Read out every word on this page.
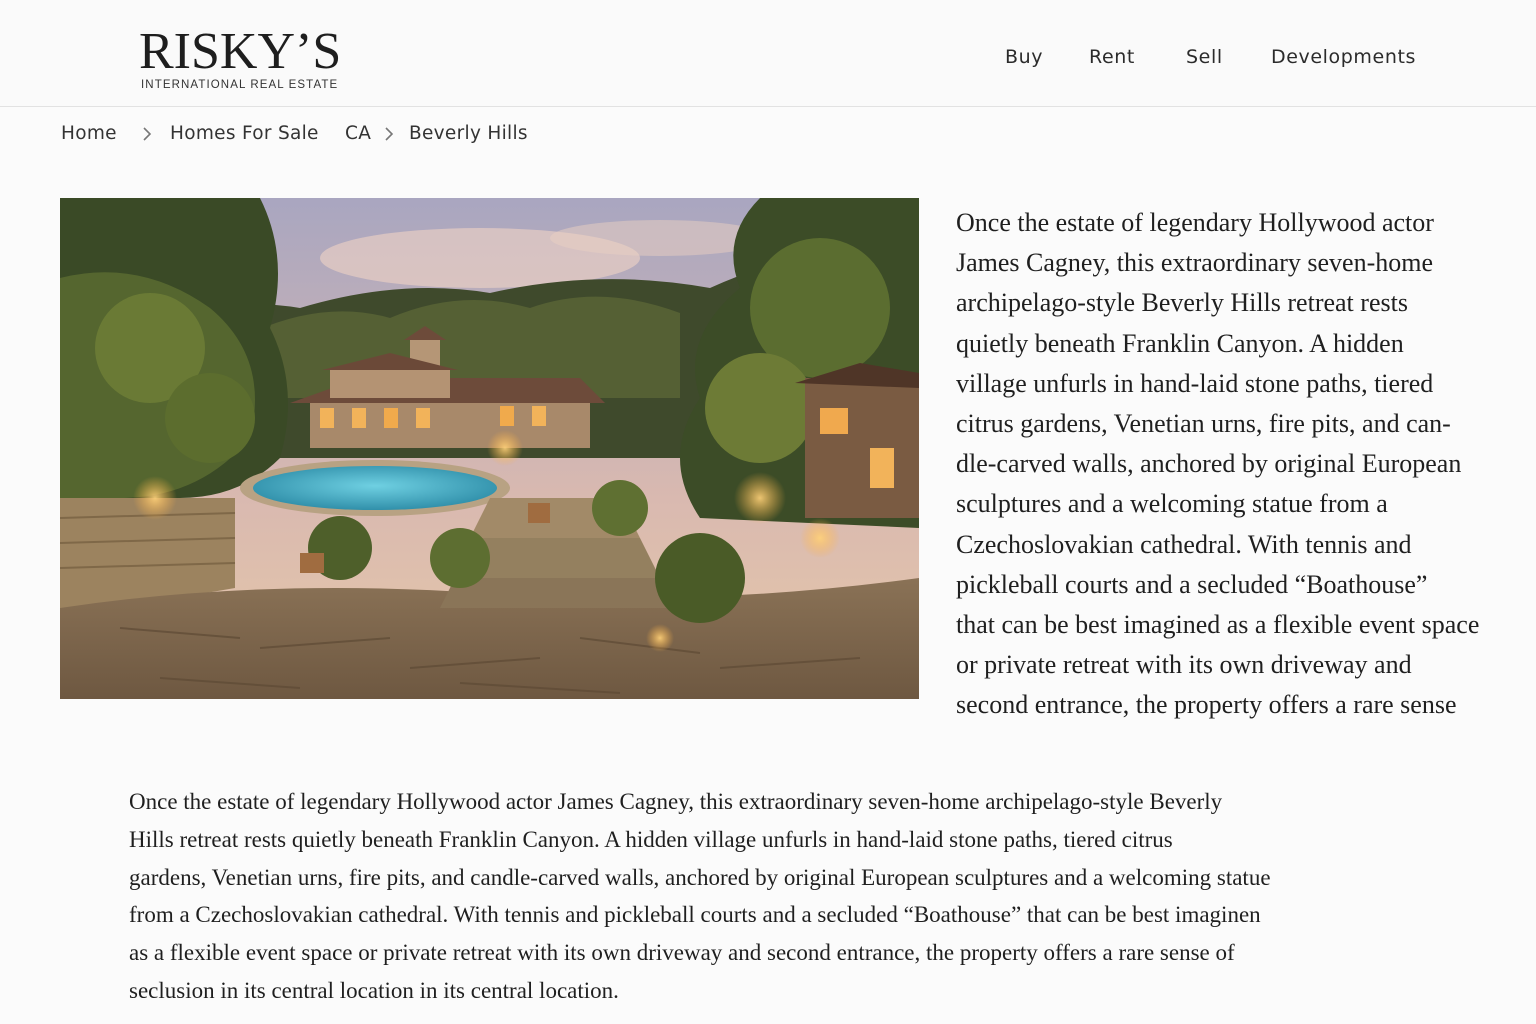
RISKY’S
INTERNATIONAL REAL ESTATE
Buy Rent	Sell	Developments
Home	Homes For Sale CA Beverly Hills
Once the estate of legendary Hollywood actor
James Cagney, this extraordinary seven-home
archipelago-style Beverly Hills retreat rests
quietly beneath Franklin Canyon. A hidden
village unfurls in hand-laid stone paths, tiered
citrus gardens, Venetian urns, fire pits, and can-
dle-carved walls, anchored by original European
sculptures and a welcoming statue from a
Czechoslovakian cathedral. With tennis and
pickleball courts and a secluded “Boathouse”
that can be best imagined as a flexible event space
or private retreat with its own driveway and
second entrance, the property offers a rare sense
Once the estate of legendary Hollywood actor James Cagney, this extraordinary seven-home archipelago-style Beverly
Hills retreat rests quietly beneath Franklin Canyon. A hidden village unfurls in hand-laid stone paths, tiered citrus
gardens, Venetian urns, fire pits, and candle-carved walls, anchored by original European sculptures and a welcoming statue
from a Czechoslovakian cathedral. With tennis and pickleball courts and a secluded “Boathouse” that can be best imaginen
as a flexible event space or private retreat with its own driveway and second entrance, the property offers a rare sense of
seclusion in its central location in its central location.
